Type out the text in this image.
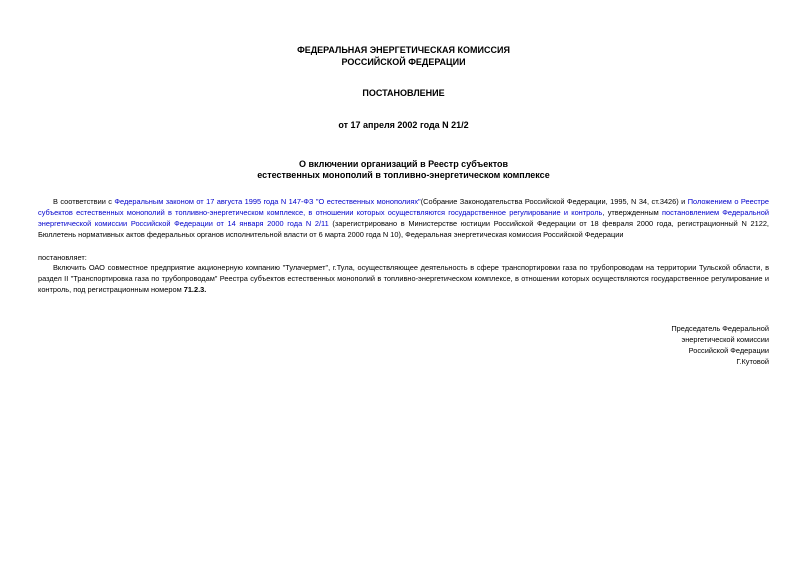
ФЕДЕРАЛЬНАЯ ЭНЕРГЕТИЧЕСКАЯ КОМИССИЯ
РОССИЙСКОЙ ФЕДЕРАЦИИ
ПОСТАНОВЛЕНИЕ
от 17 апреля 2002 года N 21/2
О включении организаций в Реестр субъектов
естественных монополий в топливно-энергетическом комплексе
В соответствии с Федеральным законом от 17 августа 1995 года N 147-ФЗ "О естественных монополиях"(Собрание Законодательства Российской Федерации, 1995, N 34, ст.3426) и Положением о Реестре субъектов естественных монополий в топливно-энергетическом комплексе, в отношении которых осуществляются государственное регулирование и контроль, утвержденным постановлением Федеральной энергетической комиссии Российской Федерации от 14 января 2000 года N 2/11 (зарегистрировано в Министерстве юстиции Российской Федерации от 18 февраля 2000 года, регистрационный N 2122, Бюллетень нормативных актов федеральных органов исполнительной власти от 6 марта 2000 года N 10), Федеральная энергетическая комиссия Российской Федерации
постановляет:
Включить ОАО совместное предприятие акционерную компанию "Тулачермет", г.Тула, осуществляющее деятельность в сфере транспортировки газа по трубопроводам на территории Тульской области, в раздел II "Транспортировка газа по трубопроводам" Реестра субъектов естественных монополий в топливно-энергетическом комплексе, в отношении которых осуществляются государственное регулирование и контроль, под регистрационным номером 71.2.3.
Председатель Федеральной
энергетической комиссии
Российской Федерации
Г.Кутовой
